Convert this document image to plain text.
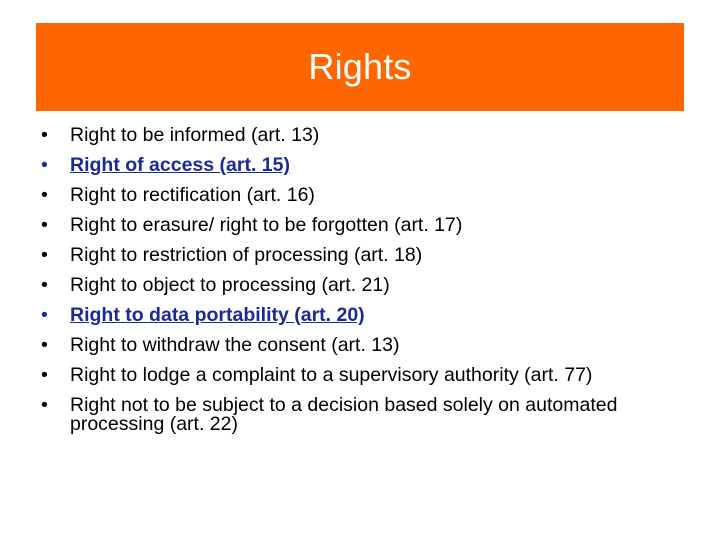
Rights
• Right to be informed (art. 13)
• Right of access (art. 15)
• Right to rectification (art. 16)
• Right to erasure/ right to be forgotten (art. 17)
• Right to restriction of processing (art. 18)
• Right to object to processing (art. 21)
• Right to data portability (art. 20)
• Right to withdraw the consent (art. 13)
• Right to lodge a complaint to a supervisory authority (art. 77)
• Right not to be subject to a decision based solely on automated processing (art. 22)
